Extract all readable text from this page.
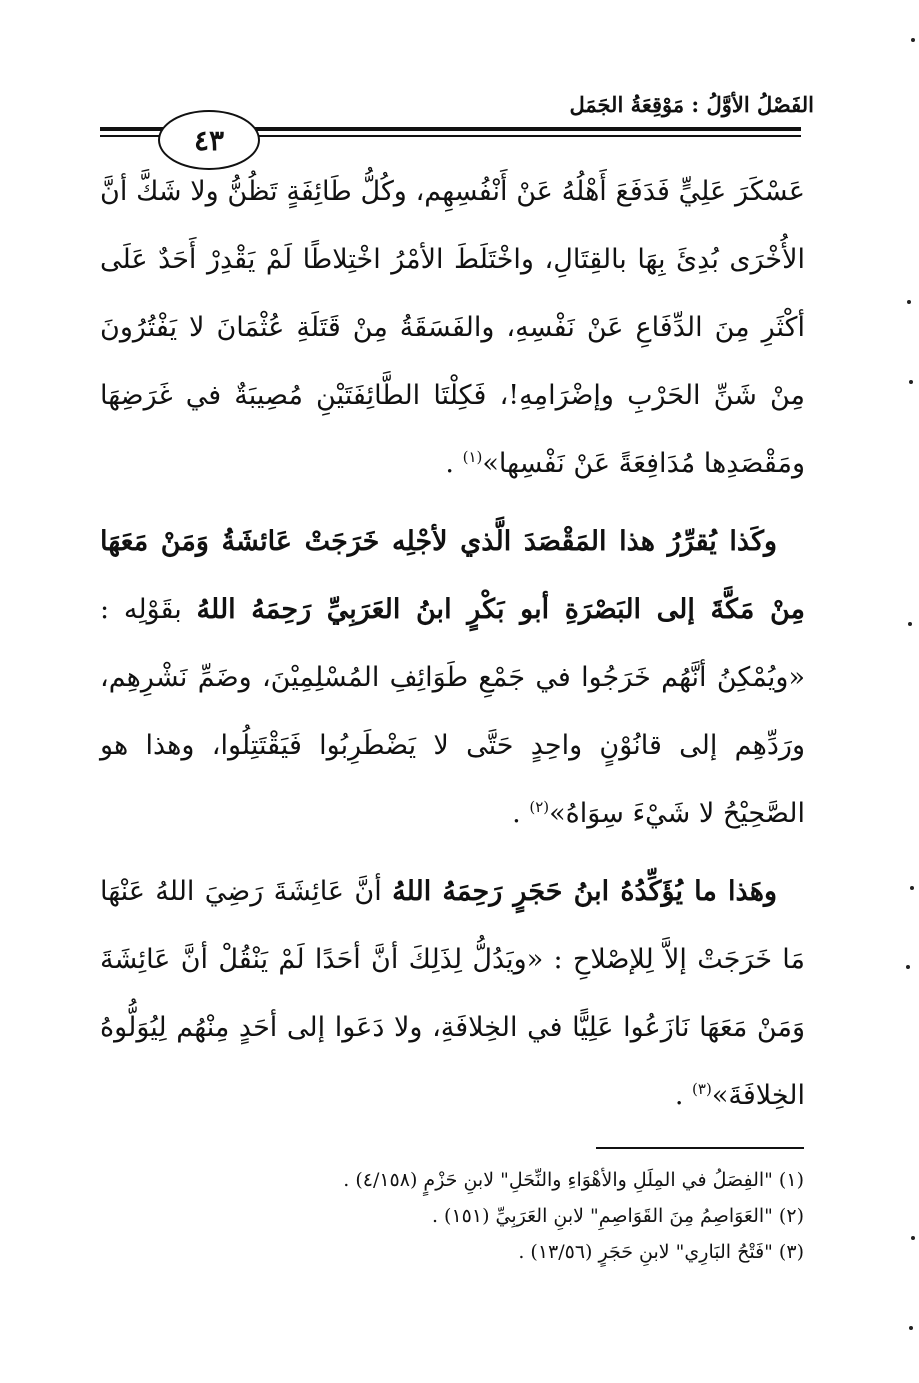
الفَصْلُ الأوَّلُ : مَوْقِعَةُ الجَمَل
٤٣

عَسْكَرَ عَلِيٍّ فَدَفَعَ أَهْلُهُ عَنْ أَنْفُسِهِم، وكُلُّ طَائِفَةٍ تَظُنُّ ولا شَكَّ أنَّ الأُخْرَى بُدِئَ بِهَا بالقِتَالِ، واخْتَلَطَ الأمْرُ اخْتِلاطًا لَمْ يَقْدِرْ أَحَدٌ عَلَى أكْثَرِ مِنَ الدِّفَاعِ عَنْ نَفْسِهِ، والفَسَقَةُ مِنْ قَتَلَةِ عُثْمَانَ لا يَفْتُرُونَ مِنْ شَنِّ الحَرْبِ وإضْرَامِهِ!، فَكِلْتَا الطَّائِفَتَيْنِ مُصِيبَةٌ في غَرَضِهَا ومَقْصَدِها مُدَافِعَةً عَنْ نَفْسِها»$^{(١)}$ .

وكَذا يُقرِّرُ هذا المَقْصَدَ الَّذي لأجْلِه خَرَجَتْ عَائشَةُ وَمَنْ مَعَهَا مِنْ مَكَّةَ إلى البَصْرَةِ أبو بَكْرٍ ابنُ العَرَبِيِّ رَحِمَهُ اللهُ بقَوْلِه : «ويُمْكِنُ أنَّهُم خَرَجُوا في جَمْعِ طَوَائِفِ المُسْلِمِيْنَ، وضَمِّ نَشْرِهِم، ورَدِّهِم إلى قانُوْنٍ واحِدٍ حَتَّى لا يَضْطَرِبُوا فَيَقْتَتِلُوا، وهذا هو الصَّحِيْحُ لا شَيْءَ سِوَاهُ»$^{(٢)}$ .

وهَذا ما يُؤَكِّدُهُ ابنُ حَجَرٍ رَحِمَهُ اللهُ أنَّ عَائِشَةَ رَضِيَ اللهُ عَنْهَا مَا خَرَجَتْ إلاَّ لِلإصْلاحِ : «ويَدُلُّ لِذَلِكَ أنَّ أحَدًا لَمْ يَنْقُلْ أنَّ عَائِشَةَ وَمَنْ مَعَهَا نَازَعُوا عَلِيًّا في الخِلافَةِ، ولا دَعَوا إلى أحَدٍ مِنْهُم لِيُوَلُّوهُ الخِلافَةَ»$^{(٣)}$ .

(١) "الفِصَلُ في المِلَلِ والأهْوَاءِ والنِّحَلِ" لابنِ حَزْمٍ (٤/١٥٨) .
(٢) "العَوَاصِمُ مِنَ القَوَاصِمِ" لابنِ العَرَبِيِّ (١٥١) .
(٣) "فَتْحُ البَارِي" لابنِ حَجَرٍ (١٣/٥٦) .
